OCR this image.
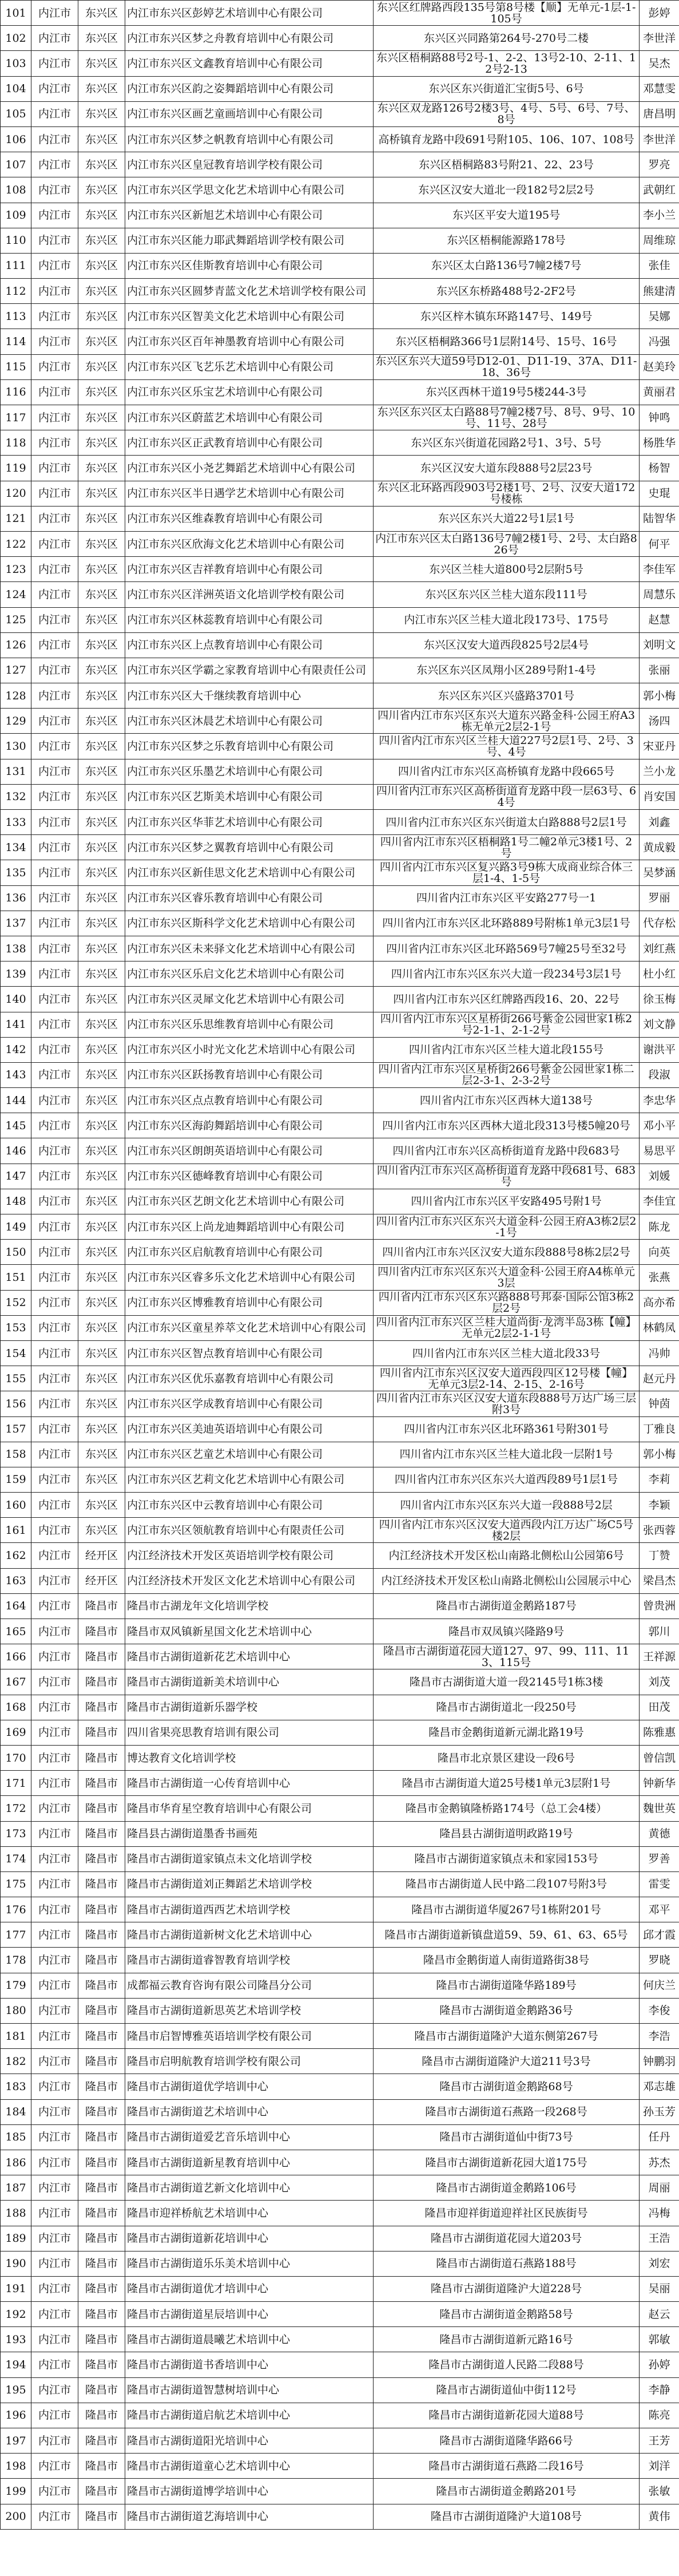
101	内江市	东兴区	内江市东兴区彭婷艺术培训中心有限公司	东兴区红牌路西段135号第8号楼【顺】无单元-1层-1-105号	彭婷
102	内江市	东兴区	内江市东兴区梦之舟教育培训中心有限公司	东兴区兴同路第264号-270号二楼	李世洋
103	内江市	东兴区	内江市东兴区文鑫教育培训中心有限公司	东兴区梧桐路88号2号-1、2-2、13号2-10、2-11、12号2-13	吴杰
104	内江市	东兴区	内江市东兴区韵之姿舞蹈培训中心有限公司	东兴区东兴街道汇宝街5号、6号	邓慧雯
105	内江市	东兴区	内江市东兴区画艺童画培训中心有限公司	东兴区双龙路126号2楼3号、4号、5号、6号、7号、8号	唐昌明
106	内江市	东兴区	内江市东兴区梦之帆教育培训中心有限公司	高桥镇育龙路中段691号附105、106、107、108号	李世洋
107	内江市	东兴区	内江市东兴区皇冠教育培训学校有限公司	东兴区梧桐路83号附21、22、23号	罗亮
108	内江市	东兴区	内江市东兴区学思文化艺术培训中心有限公司	东兴区汉安大道北一段182号2层2号	武朝红
109	内江市	东兴区	内江市东兴区新旭艺术培训中心有限公司	东兴区平安大道195号	李小兰
110	内江市	东兴区	内江市东兴区能力耶武舞蹈培训学校有限公司	东兴区梧桐能源路178号	周维琼
111	内江市	东兴区	内江市东兴区佳斯教育培训中心有限公司	东兴区太白路136号7幢2楼7号	张佳
112	内江市	东兴区	内江市东兴区圆梦青蓝文化艺术培训学校有限公司	东兴区东桥路488号2-2F2号	熊建清
113	内江市	东兴区	内江市东兴区智美文化艺术培训中心有限公司	东兴区梓木镇东环路147号、149号	吴娜
114	内江市	东兴区	内江市东兴区百年神墨教育培训中心有限公司	东兴区梧桐路366号1层附14号、15号、16号	冯强
115	内江市	东兴区	内江市东兴区飞艺乐艺术培训中心有限公司	东兴区东兴大道59号D12-01、D11-19、37A、D11-18、36号	赵美玲
116	内江市	东兴区	内江市东兴区乐宝艺术培训中心有限公司	东兴区西林干道19号5楼244-3号	黄丽君
117	内江市	东兴区	内江市东兴区蔚蓝艺术培训中心有限公司	东兴区东兴区太白路88号7幢2楼7号、8号、9号、10号、11号、28号	钟鸣
118	内江市	东兴区	内江市东兴区正武教育培训中心有限公司	东兴区东兴街道花园路2号1、3号、5号	杨胜华
119	内江市	东兴区	内江市东兴区小尧艺舞蹈艺术培训中心有限公司	东兴区汉安大道东段888号2层23号	杨智
120	内江市	东兴区	内江市东兴区半日遇学艺术培训中心有限公司	东兴区北环路西段903号2楼1号、2号、汉安大道172号楼栋	史琨
121	内江市	东兴区	内江市东兴区维森教育培训中心有限公司	东兴区东兴大道22号1层1号	陆智华
122	内江市	东兴区	内江市东兴区欣海文化艺术培训中心有限公司	内江市东兴区太白路136号7幢2楼1号、2号、太白路826号	何平
123	内江市	东兴区	内江市东兴区吉祥教育培训中心有限公司	东兴区兰桂大道800号2层附5号	李佳军
124	内江市	东兴区	内江市东兴区洋洲英语文化培训学校有限公司	东兴区东兴区兰桂大道东段111号	周慧乐
125	内江市	东兴区	内江市东兴区林蕊教育培训中心有限公司	内江市东兴区兰桂大道北段173号、175号	赵慧
126	内江市	东兴区	内江市东兴区上点教育培训中心有限公司	东兴区汉安大道西段825号2层4号	刘明文
127	内江市	东兴区	内江市东兴区学霸之家教育培训中心有限责任公司	东兴区东兴区凤翔小区289号附1-4号	张丽
128	内江市	东兴区	内江市东兴区大千继续教育培训中心	东兴区东兴区兴盛路3701号	郭小梅
129	内江市	东兴区	内江市东兴区沐晨艺术培训中心有限公司	四川省内江市东兴区东兴大道东兴路金科·公园王府A3栋无单元2层2-1号	汤四
130	内江市	东兴区	内江市东兴区梦之乐教育培训中心有限公司	四川省内江市东兴区兰桂大道227号2层1号、2号、3号、4号	宋亚丹
131	内江市	东兴区	内江市东兴区乐墨艺术培训中心有限公司	四川省内江市东兴区高桥镇育龙路中段665号	兰小龙
132	内江市	东兴区	内江市东兴区艺斯美术培训中心有限公司	四川省内江市东兴区高桥街道育龙路中段一层63号、64号	肖安国
133	内江市	东兴区	内江市东兴区华菲艺术培训中心有限公司	四川省内江市东兴区东兴街道太白路888号2层1号	刘鑫
134	内江市	东兴区	内江市东兴区梦之翼教育培训中心有限公司	四川省内江市东兴区梧桐路1号二幢2单元3楼1号、2号	黄成毅
135	内江市	东兴区	内江市东兴区新佳思文化艺术培训中心有限公司	四川省内江市东兴区复兴路3号9栋大成商业综合体三层1-4、1-5号	吴梦涵
136	内江市	东兴区	内江市东兴区睿乐教育培训中心有限公司	四川省内江市东兴区平安路277号一1	罗丽
137	内江市	东兴区	内江市东兴区斯科学文化艺术培训中心有限公司	四川省内江市东兴区北环路889号附栋1单元3层1号	代存松
138	内江市	东兴区	内江市东兴区未来驿文化艺术培训中心有限公司	四川省内江市东兴区北环路569号7幢25号至32号	刘红燕
139	内江市	东兴区	内江市东兴区乐启文化艺术培训中心有限公司	四川省内江市东兴区东兴大道一段234号3层1号	杜小红
140	内江市	东兴区	内江市东兴区灵犀文化艺术培训中心有限公司	四川省内江市东兴区红牌路西段16、20、22号	徐玉梅
141	内江市	东兴区	内江市东兴区乐思维教育培训中心有限公司	四川省内江市东兴区星桥街266号紫金公园世家1栋2号2-1-1、2-1-2号	刘文静
142	内江市	东兴区	内江市东兴区小时光文化艺术培训中心有限公司	四川省内江市东兴区兰桂大道北段155号	谢洪平
143	内江市	东兴区	内江市东兴区跃扬教育培训中心有限公司	四川省内江市东兴区星桥街266号紫金公园世家1栋二层2-3-1、2-3-2号	段淑
144	内江市	东兴区	内江市东兴区点点教育培训中心有限公司	四川省内江市东兴区西林大道138号	李忠华
145	内江市	东兴区	内江市东兴区海韵舞蹈培训中心有限公司	四川省内江市东兴区西林大道北段313号楼5幢20号	邓小平
146	内江市	东兴区	内江市东兴区朗朗英语培训中心有限公司	四川省内江市东兴区高桥街道育龙路中段683号	易思平
147	内江市	东兴区	内江市东兴区德峰教育培训中心有限公司	四川省内江市东兴区高桥街道育龙路中段681号、683号	刘媛
148	内江市	东兴区	内江市东兴区艺朗文化艺术培训中心有限公司	四川省内江市东兴区平安路495号附1号	李佳宜
149	内江市	东兴区	内江市东兴区上尚龙迪舞蹈培训中心有限公司	四川省内江市东兴区东兴大道金科·公园王府A3栋2层2-1号	陈龙
150	内江市	东兴区	内江市东兴区启航教育培训中心有限公司	四川省内江市东兴区汉安大道东段888号8栋2层2号	向英
151	内江市	东兴区	内江市东兴区睿多乐文化艺术培训中心有限公司	四川省内江市东兴区东兴大道金科·公园王府A4栋单元3层	张燕
152	内江市	东兴区	内江市东兴区博雅教育培训中心有限公司	四川省内江市东兴区东兴路888号邦泰·国际公馆3栋2层2号	高亦希
153	内江市	东兴区	内江市东兴区童星养萃文化艺术培训中心有限公司	四川省内江市东兴区兰桂大道尚街·龙湾半岛3栋【幢】无单元2层2-1-1号	林鹤凤
154	内江市	东兴区	内江市东兴区智点教育培训中心有限公司	四川省内江市东兴区兰桂大道北段33号	冯帅
155	内江市	东兴区	内江市东兴区优乐嘉教育培训中心有限公司	四川省内江市东兴区汉安大道西段四区12号楼【幢】无单元3层2-14、2-15、2-16号	赵元丹
156	内江市	东兴区	内江市东兴区学成教育培训中心有限公司	四川省内江市东兴区汉安大道东段888号万达广场三层附3号	钟茵
157	内江市	东兴区	内江市东兴区美迪英语培训中心有限公司	四川省内江市东兴区北环路361号附301号	丁雅良
158	内江市	东兴区	内江市东兴区艺童艺术培训中心有限公司	四川省内江市东兴区兰桂大道北段一层附1号	郭小梅
159	内江市	东兴区	内江市东兴区艺莉文化艺术培训中心有限公司	四川省内江市东兴区东兴大道西段89号1层1号	李莉
160	内江市	东兴区	内江市东兴区中云教育培训中心有限公司	四川省内江市东兴区东兴大道一段888号2层	李颖
161	内江市	东兴区	内江市东兴区领航教育培训中心有限责任公司	四川省内江市东兴区汉安大道西段内江万达广场C5号楼2层	张西蓉
162	内江市	经开区	内江经济技术开发区英语培训学校有限公司	内江经济技术开发区松山南路北侧松山公园第6号	丁赞
163	内江市	经开区	内江经济技术开发区文化艺术培训中心有限公司	内江经济技术开发区松山南路北侧松山公园展示中心	梁昌杰
164	内江市	隆昌市	隆昌市古湖龙年文化培训学校	隆昌市古湖街道金鹅路187号	曾贵洲
165	内江市	隆昌市	隆昌市双风镇新星国文化艺术培训中心	隆昌市双凤镇兴隆路9号	郭川
166	内江市	隆昌市	隆昌市古湖街道新花艺术培训中心	隆昌市古湖街道花园大道127、97、99、111、113、115号	王祥源
167	内江市	隆昌市	隆昌市古湖街道新美术培训中心	隆昌市古湖街道大道一段2145号1栋3楼	刘茂
168	内江市	隆昌市	隆昌市古湖街道新乐器学校	隆昌市古湖街道北一段250号	田茂
169	内江市	隆昌市	四川省果亮思教育培训有限公司	隆昌市金鹅街道新元湖北路19号	陈雅惠
170	内江市	隆昌市	博达教育文化培训学校	隆昌市北京景区建设一段6号	曾信凯
171	内江市	隆昌市	隆昌市古湖街道一心传育培训中心	隆昌市古湖街道大道25号楼1单元3层附1号	钟新华
172	内江市	隆昌市	隆昌市华育星空教育培训中心有限公司	隆昌市金鹅镇隆桥路174号（总工会4楼）	魏世英
173	内江市	隆昌市	隆昌县古湖街道墨香书画苑	隆昌县古湖街道明政路19号	黄德
174	内江市	隆昌市	隆昌市古湖街道家镇点未文化培训学校	隆昌市古湖街道家镇点未和家园153号	罗善
175	内江市	隆昌市	隆昌市古湖街道刘正舞蹈艺术培训学校	隆昌市古湖街道人民中路二段107号附3号	雷雯
176	内江市	隆昌市	隆昌市古湖街道西西艺术培训学校	隆昌市古湖街道华厦267号1栋附201号	邓平
177	内江市	隆昌市	隆昌市古湖街道新树文化艺术培训中心	隆昌市古湖街道新镇盘道59、59、61、63、65号	邱才霞
178	内江市	隆昌市	隆昌市古湖街道睿智教育培训学校	隆昌市金鹅街道人南街道路街38号	罗晓
179	内江市	隆昌市	成都福云教育咨询有限公司隆昌分公司	隆昌市古湖街道隆华路189号	何庆兰
180	内江市	隆昌市	隆昌市古湖街道新思英艺术培训学校	隆昌市古湖街道金鹅路36号	李俊
181	内江市	隆昌市	隆昌市启智博雅英语培训学校有限公司	隆昌市古湖街道隆沪大道东侧第267号	李浩
182	内江市	隆昌市	隆昌市启明航教育培训学校有限公司	隆昌市古湖街道隆沪大道211号3号	钟鹏羽
183	内江市	隆昌市	隆昌市古湖街道优学培训中心	隆昌市古湖街道金鹅路68号	邓志雄
184	内江市	隆昌市	隆昌市古湖街道艺术培训中心	隆昌市古湖街道石燕路一段268号	孙玉芳
185	内江市	隆昌市	隆昌市古湖街道爱艺音乐培训中心	隆昌市古湖街道仙中街73号	任丹
186	内江市	隆昌市	隆昌市古湖街道新星教育培训中心	隆昌市古湖街道新花园大道175号	苏杰
187	内江市	隆昌市	隆昌市古湖街道艺新文化培训中心	隆昌市古湖街道金鹅路106号	周丽
188	内江市	隆昌市	隆昌市迎祥桥航艺术培训中心	隆昌市迎祥街道迎祥社区民族街号	冯梅
189	内江市	隆昌市	隆昌市古湖街道新花培训中心	隆昌市古湖街道花园大道203号	王浩
190	内江市	隆昌市	隆昌市古湖街道乐乐美术培训中心	隆昌市古湖街道石燕路188号	刘宏
191	内江市	隆昌市	隆昌市古湖街道优才培训中心	隆昌市古湖街道隆沪大道228号	吴丽
192	内江市	隆昌市	隆昌市古湖街道星辰培训中心	隆昌市古湖街道金鹅路58号	赵云
193	内江市	隆昌市	隆昌市古湖街道晨曦艺术培训中心	隆昌市古湖街道新元路16号	郭敏
194	内江市	隆昌市	隆昌市古湖街道书香培训中心	隆昌市古湖街道人民路二段88号	孙婷
195	内江市	隆昌市	隆昌市古湖街道智慧树培训中心	隆昌市古湖街道仙中街112号	李静
196	内江市	隆昌市	隆昌市古湖街道启航艺术培训中心	隆昌市古湖街道新花园大道88号	陈亮
197	内江市	隆昌市	隆昌市古湖街道阳光培训中心	隆昌市古湖街道隆华路66号	王芳
198	内江市	隆昌市	隆昌市古湖街道童心艺术培训中心	隆昌市古湖街道石燕路二段16号	刘洋
199	内江市	隆昌市	隆昌市古湖街道博学培训中心	隆昌市古湖街道金鹅路201号	张敏
200	内江市	隆昌市	隆昌市古湖街道艺海培训中心	隆昌市古湖街道隆沪大道108号	黄伟
